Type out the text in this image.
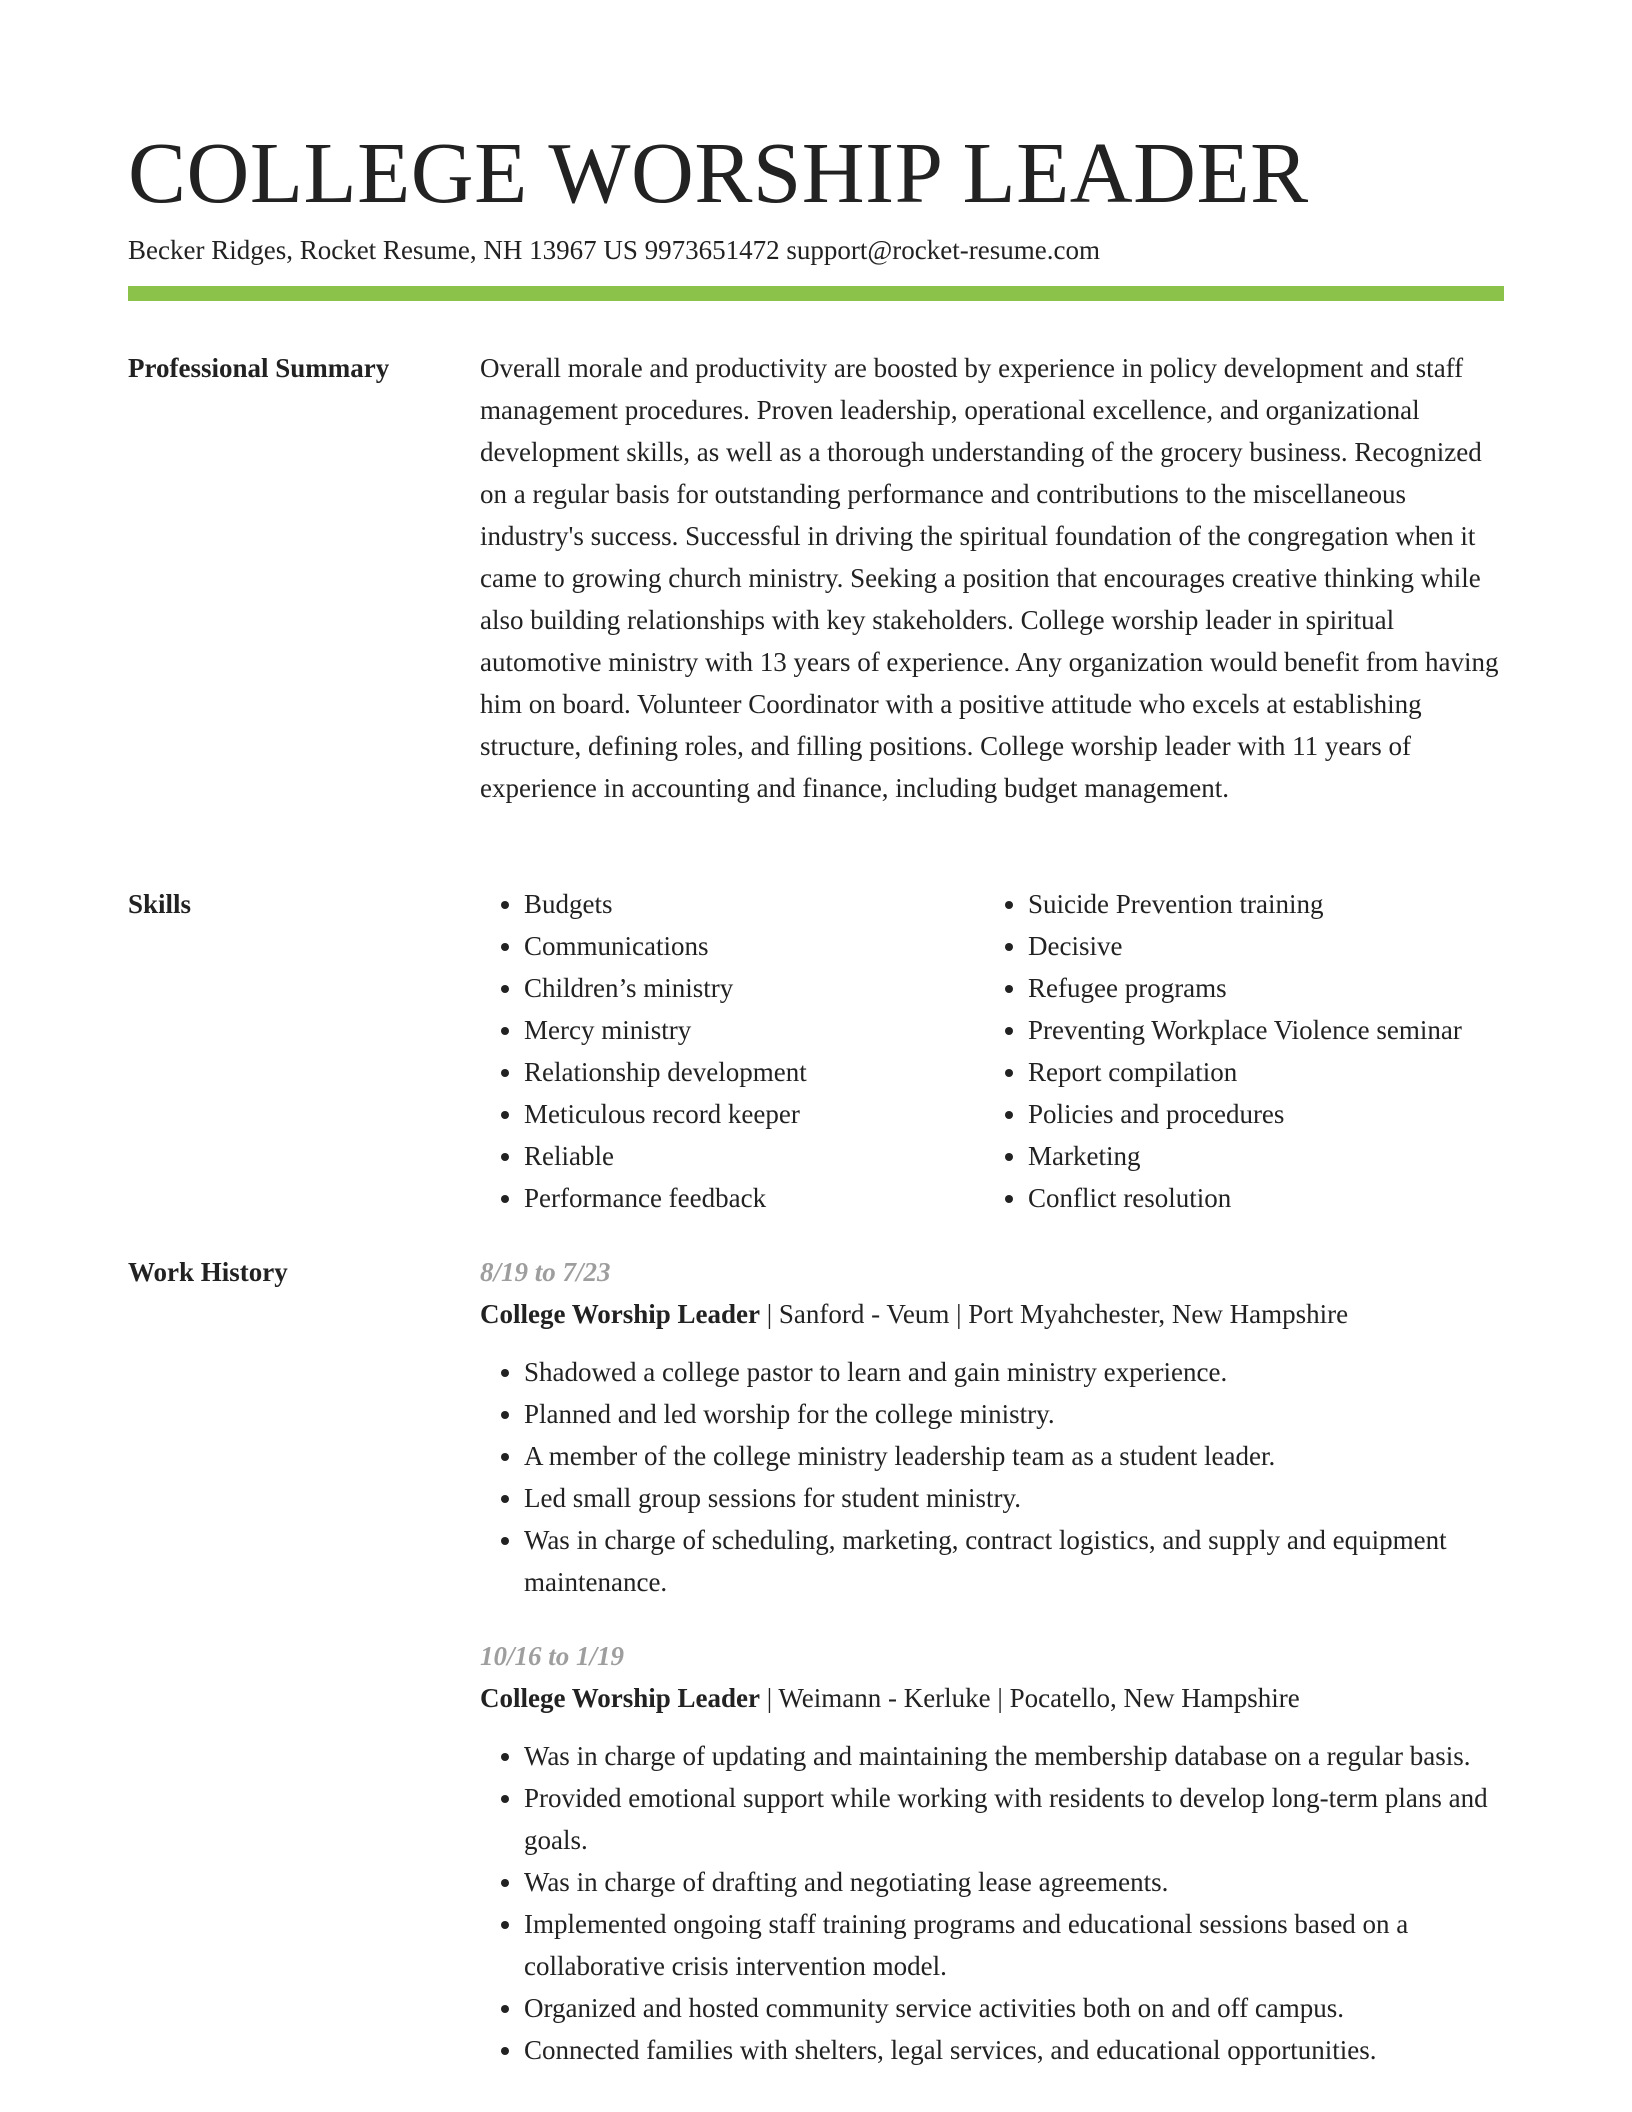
COLLEGE WORSHIP LEADER
Becker Ridges, Rocket Resume, NH 13967 US 9973651472 support@rocket-resume.com
Professional Summary	Overall morale and productivity are boosted by experience in policy development and staff management procedures. Proven leadership, operational excellence, and organizational development skills, as well as a thorough understanding of the grocery business. Recognized on a regular basis for outstanding performance and contributions to the miscellaneous industry's success. Successful in driving the spiritual foundation of the congregation when it came to growing church ministry. Seeking a position that encourages creative thinking while also building relationships with key stakeholders. College worship leader in spiritual automotive ministry with 13 years of experience. Any organization would benefit from having him on board. Volunteer Coordinator with a positive attitude who excels at establishing structure, defining roles, and filling positions. College worship leader with 11 years of experience in accounting and finance, including budget management.

Skills
•	Budgets
• Communications
• Children’s ministry
• Mercy ministry
• Relationship development
• Meticulous record keeper
• Reliable
• Performance feedback
• Suicide Prevention training
• Decisive
• Refugee programs
• Preventing Workplace Violence seminar
• Report compilation
• Policies and procedures
• Marketing
• Conflict resolution
Work History	8/19 to 7/23
College Worship Leader | Sanford - Veum | Port Myahchester, New Hampshire
• Shadowed a college pastor to learn and gain ministry experience.
• Planned and led worship for the college ministry.
• A member of the college ministry leadership team as a student leader.
• Led small group sessions for student ministry.
• Was in charge of scheduling, marketing, contract logistics, and supply and equipment maintenance.
10/16 to 1/19
College Worship Leader | Weimann - Kerluke | Pocatello, New Hampshire
• Was in charge of updating and maintaining the membership database on a regular basis.
• Provided emotional support while working with residents to develop long-term plans and goals.
• Was in charge of drafting and negotiating lease agreements.
• Implemented ongoing staff training programs and educational sessions based on a collaborative crisis intervention model.
• Organized and hosted community service activities both on and off campus.
• Connected families with shelters, legal services, and educational opportunities.
